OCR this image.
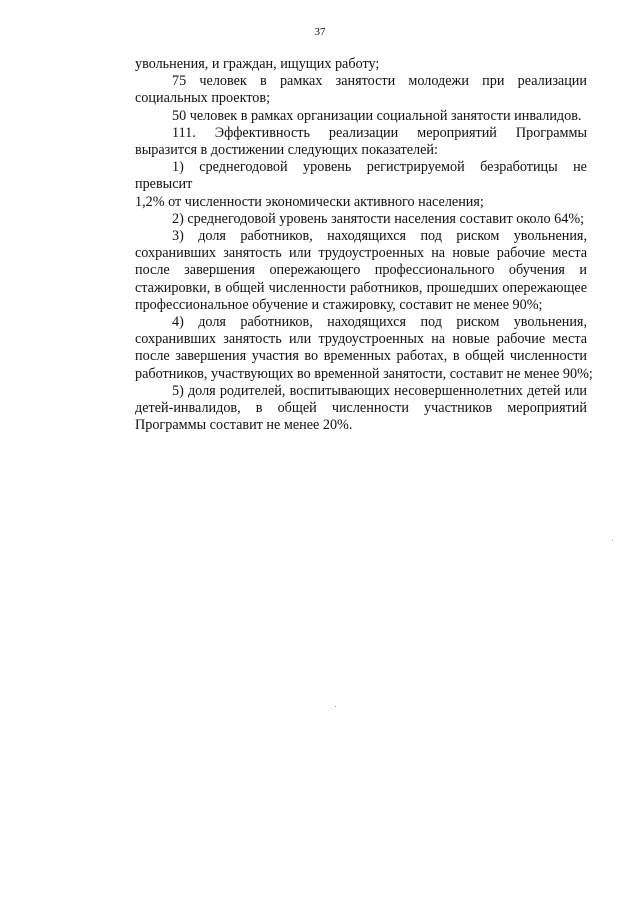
37

увольнения, и граждан, ищущих работу;

75 человек в рамках занятости молодежи при реализации
социальных проектов;

50 человек в рамках организации социальной занятости инвалидов.

111. Эффективность реализации мероприятий Программы
выразится в достижении следующих показателей:

1) среднегодовой уровень регистрируемой безработицы не превысит
1,2% от численности экономически активного населения;

2) среднегодовой уровень занятости населения составит около 64%;

3) доля работников, находящихся под риском увольнения,
сохранивших занятость или трудоустроенных на новые рабочие места
после завершения опережающего профессионального обучения и
стажировки, в общей численности работников, прошедших опережающее
профессиональное обучение и стажировку, составит не менее 90%;

4) доля работников, находящихся под риском увольнения,
сохранивших занятость или трудоустроенных на новые рабочие места
после завершения участия во временных работах, в общей численности
работников, участвующих во временной занятости, составит не менее 90%;

5) доля родителей, воспитывающих несовершеннолетних детей или
детей-инвалидов, в общей численности участников мероприятий
Программы составит не менее 20%.
